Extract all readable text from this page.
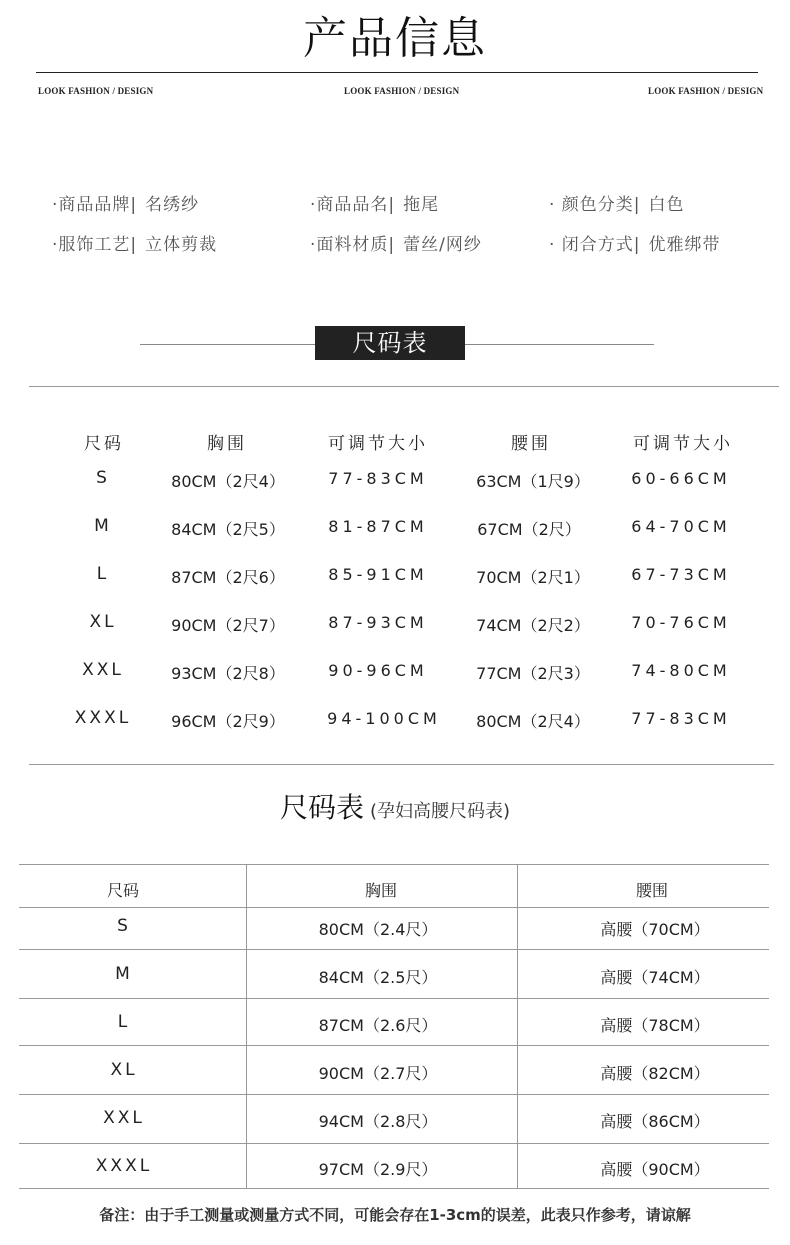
产品信息
LOOK FASHION / DESIGN	LOOK FASHION / DESIGN	LOOK FASHION / DESIGN
·商品品牌| 名绣纱	·商品品名| 拖尾	· 颜色分类| 白色
·服饰工艺| 立体剪裁	·面料材质| 蕾丝/网纱	· 闭合方式| 优雅绑带
尺码表
尺码	胸围	可调节大小	腰围	可调节大小
S	80CM（2尺4）	77-83CM	63CM（1尺9）	60-66CM
M	84CM（2尺5）	81-87CM	67CM（2尺）	64-70CM
L	87CM（2尺6）	85-91CM	70CM（2尺1）	67-73CM
XL	90CM（2尺7）	87-93CM	74CM（2尺2）	70-76CM
XXL	93CM（2尺8）	90-96CM	77CM（2尺3）	74-80CM
XXXL 96CM（2尺9）	94-100CM 80CM（2尺4）	77-83CM
尺码表 (孕妇高腰尺码表)
尺码	胸围	腰围
S	80CM（2.4尺）	高腰（70CM）
M	84CM（2.5尺）	高腰（74CM）
L	87CM（2.6尺）	高腰（78CM）
XL	90CM（2.7尺）	高腰（82CM）
XXL	94CM（2.8尺）	高腰（86CM）
XXXL	97CM（2.9尺）	高腰（90CM）
备注：由于手工测量或测量方式不同，可能会存在1-3cm的误差，此表只作参考，请谅解
